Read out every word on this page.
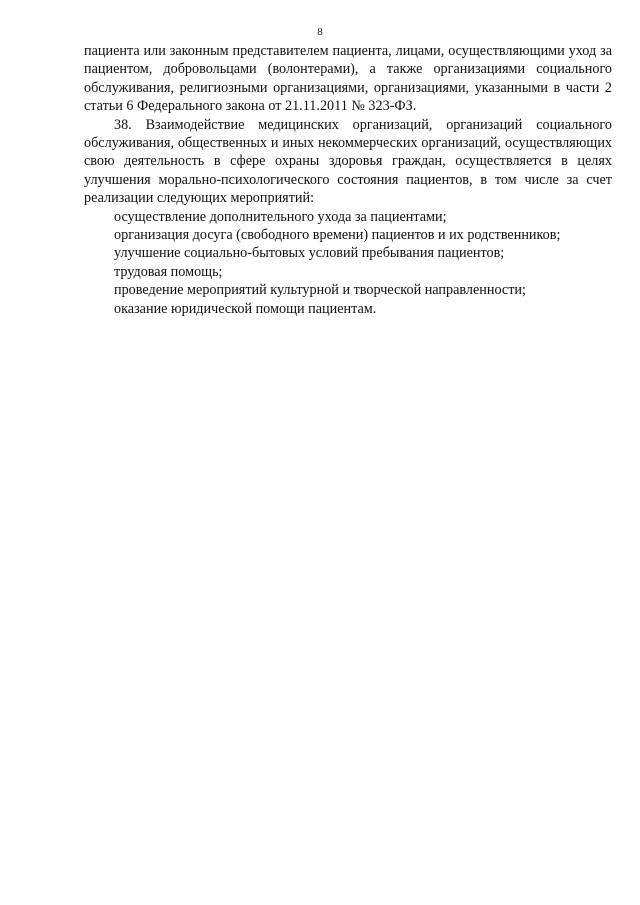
8

пациента или законным представителем пациента, лицами, осуществляющими уход за пациентом, добровольцами (волонтерами), а также организациями социального обслуживания, религиозными организациями, организациями, указанными в части 2 статьи 6 Федерального закона от 21.11.2011 № 323-ФЗ.

38. Взаимодействие медицинских организаций, организаций социального обслуживания, общественных и иных некоммерческих организаций, осуществляющих свою деятельность в сфере охраны здоровья граждан, осуществляется в целях улучшения морально-психологического состояния пациентов, в том числе за счет реализации следующих мероприятий:

осуществление дополнительного ухода за пациентами;

организация досуга (свободного времени) пациентов и их родственников;

улучшение социально-бытовых условий пребывания пациентов;

трудовая помощь;

проведение мероприятий культурной и творческой направленности;

оказание юридической помощи пациентам.
